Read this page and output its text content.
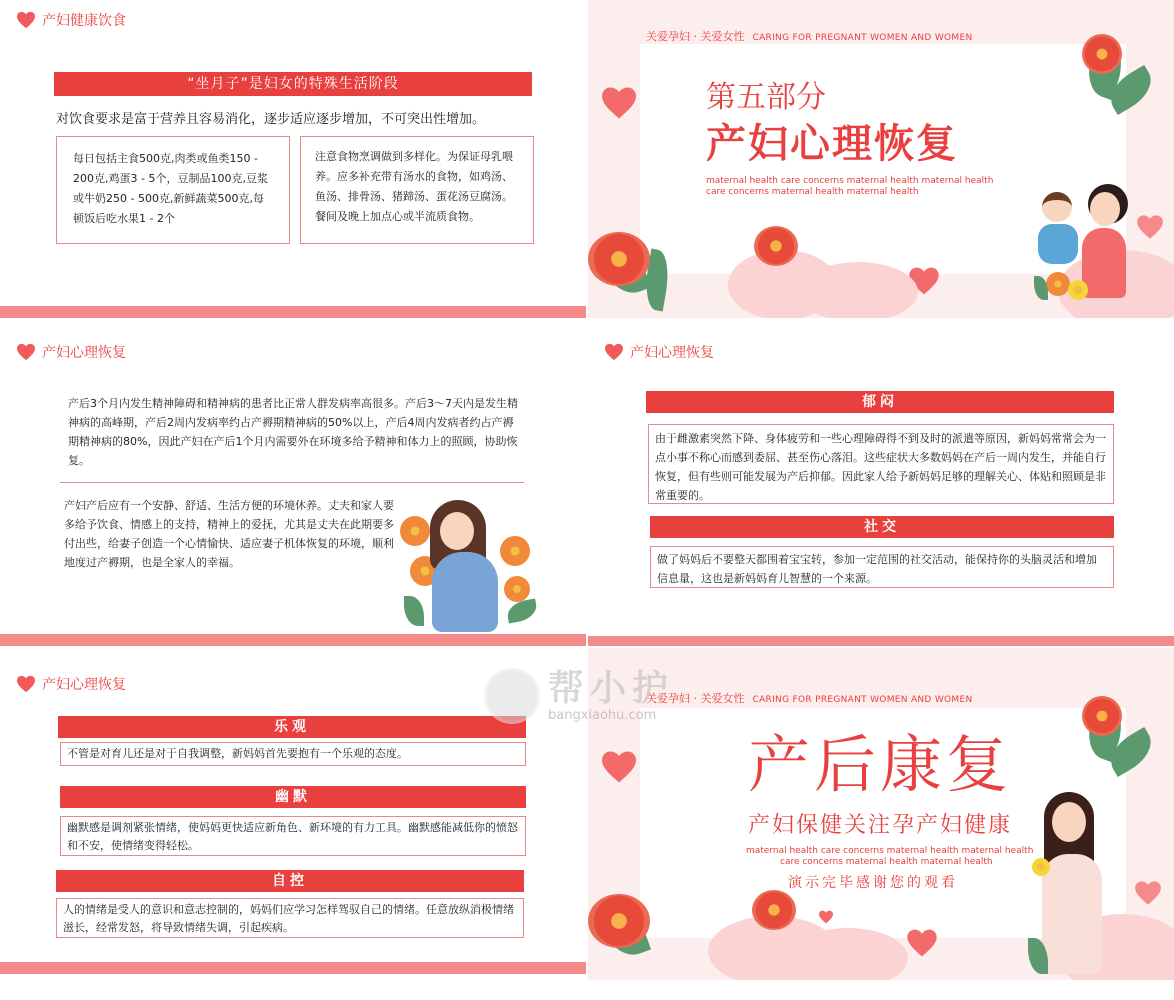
产妇健康饮食
“坐月子”是妇女的特殊生活阶段
对饮食要求是富于营养且容易消化，逐步适应逐步增加，不可突出性增加。
每日包括主食500克,肉类或鱼类150 - 200克,鸡蛋3 - 5个，豆制品100克,豆浆或牛奶250 - 500克,新鲜蔬菜500克,每顿饭后吃水果1 - 2个
注意食物烹调做到多样化。为保证母乳喂养。应多补充带有汤水的食物，如鸡汤、鱼汤、排骨汤、猪蹄汤、蛋花汤豆腐汤。餐间及晚上加点心或半流质食物。
关爱孕妇 · 关爱女性 CARING FOR PREGNANT WOMEN AND WOMEN
第五部分
产妇心理恢复
maternal health care concerns maternal health maternal health
care concerns maternal health maternal health
产妇心理恢复
产后3个月内发生精神障碍和精神病的患者比正常人群发病率高很多。产后3～7天内是发生精神病的高峰期，产后2周内发病率约占产褥期精神病的50%以上，产后4周内发病者约占产褥期精神病的80%，因此产妇在产后1个月内需要外在环境多给予精神和体力上的照顾，协助恢复。
产妇产后应有一个安静、舒适、生活方便的环境休养。丈夫和家人要多给予饮食、情感上的支持，精神上的爱抚，尤其是丈夫在此期要多付出些，给妻子创造一个心情愉快、适应妻子机体恢复的环境，顺利地度过产褥期，也是全家人的幸福。
产妇心理恢复
郁闷
由于雌激素突然下降、身体疲劳和一些心理障碍得不到及时的派遣等原因，新妈妈常常会为一点小事不称心而感到委屈、甚至伤心落泪。这些症状大多数妈妈在产后一周内发生，并能自行恢复，但有些则可能发展为产后抑郁。因此家人给予新妈妈足够的理解关心、体贴和照顾是非常重要的。
社交
做了妈妈后不要整天都围着宝宝转，参加一定范围的社交活动，能保持你的头脑灵活和增加信息量，这也是新妈妈育儿智慧的一个来源。
产妇心理恢复
乐观
不管是对育儿还是对于自我调整，新妈妈首先要抱有一个乐观的态度。
幽默
幽默感是调剂紧张情绪，使妈妈更快适应新角色、新环境的有力工具。幽默感能减低你的愤怒和不安，使情绪变得轻松。
自控
人的情绪是受人的意识和意志控制的，妈妈们应学习怎样驾驭自己的情绪。任意放纵消极情绪滋长，经常发怒，将导致情绪失调，引起疾病。
关爱孕妇 · 关爱女性 CARING FOR PREGNANT WOMEN AND WOMEN
产后康复
产妇保健关注孕产妇健康
maternal health care concerns maternal health maternal health
care concerns maternal health maternal health
演示完毕感谢您的观看
帮小护
bangxiaohu.com
